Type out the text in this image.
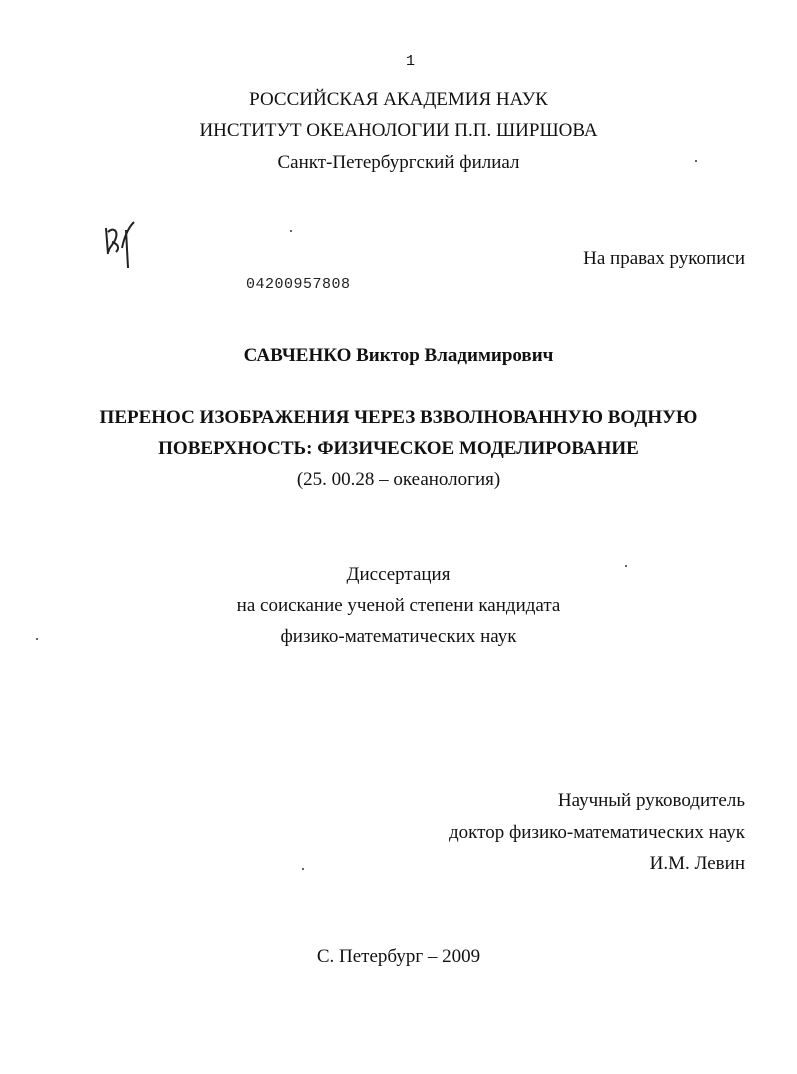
1
РОССИЙСКАЯ АКАДЕМИЯ НАУК
ИНСТИТУТ ОКЕАНОЛОГИИ П.П. ШИРШОВА
Санкт-Петербургский филиал
На правах рукописи
04200957808
САВЧЕНКО Виктор Владимирович
ПЕРЕНОС ИЗОБРАЖЕНИЯ ЧЕРЕЗ ВЗВОЛНОВАННУЮ ВОДНУЮ
ПОВЕРХНОСТЬ: ФИЗИЧЕСКОЕ МОДЕЛИРОВАНИЕ
(25. 00.28 – океанология)
Диссертация
на соискание ученой степени кандидата
физико-математических наук
Научный руководитель
доктор физико-математических наук
И.М. Левин
С. Петербург – 2009
